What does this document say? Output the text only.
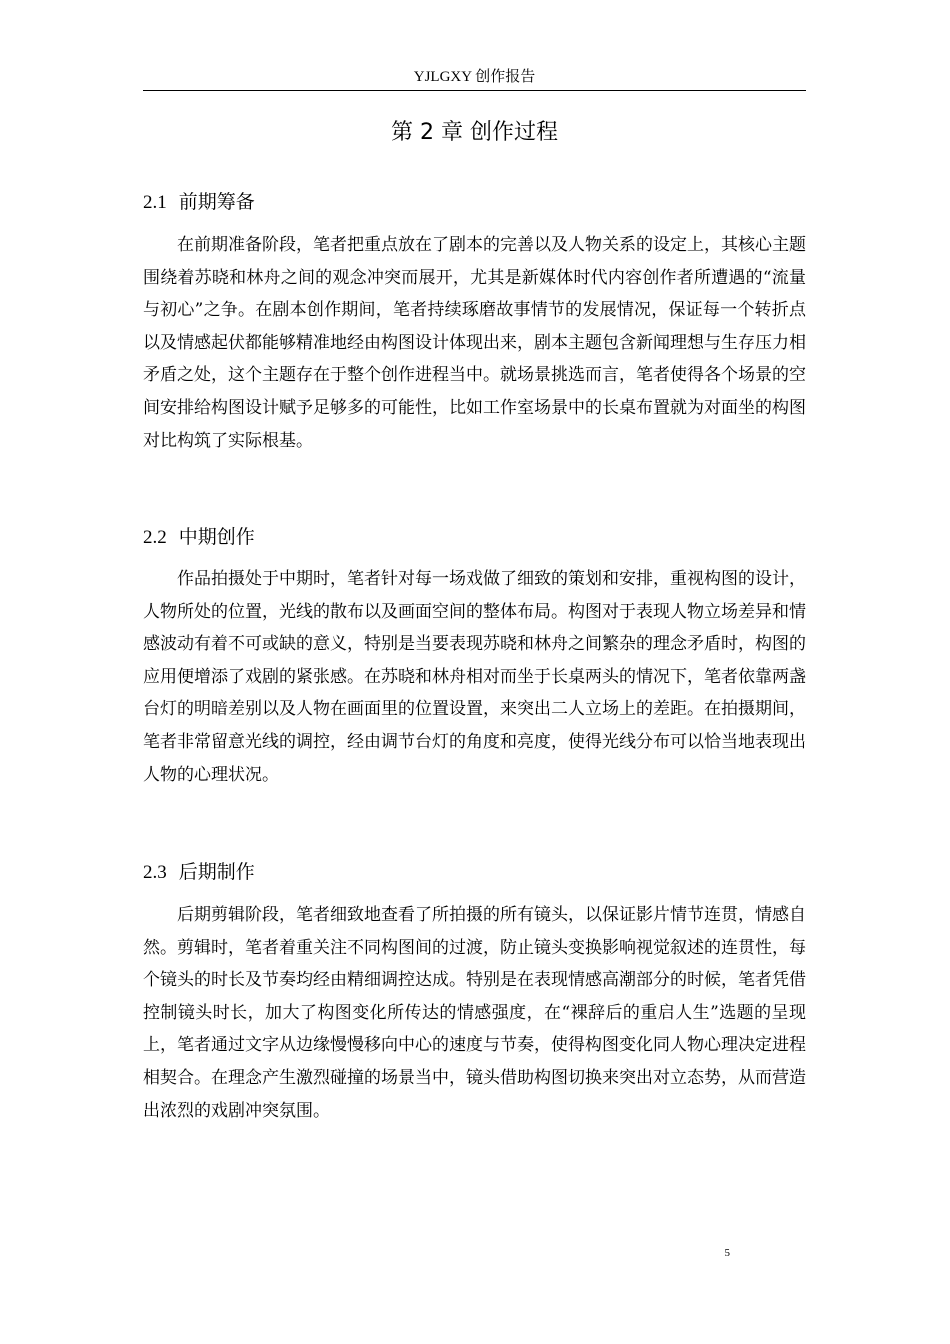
YJLGXY 创作报告
第 2 章 创作过程
2.1 前期筹备

在前期准备阶段，笔者把重点放在了剧本的完善以及人物关系的设定上，其核心主题围绕着苏晓和林舟之间的观念冲突而展开，尤其是新媒体时代内容创作者所遭遇的“流量与初心”之争。在剧本创作期间，笔者持续琢磨故事情节的发展情况，保证每一个转折点以及情感起伏都能够精准地经由构图设计体现出来，剧本主题包含新闻理想与生存压力相矛盾之处，这个主题存在于整个创作进程当中。就场景挑选而言，笔者使得各个场景的空间安排给构图设计赋予足够多的可能性，比如工作室场景中的长桌布置就为对面坐的构图对比构筑了实际根基。

2.2 中期创作

作品拍摄处于中期时，笔者针对每一场戏做了细致的策划和安排，重视构图的设计，人物所处的位置，光线的散布以及画面空间的整体布局。构图对于表现人物立场差异和情感波动有着不可或缺的意义，特别是当要表现苏晓和林舟之间繁杂的理念矛盾时，构图的应用便增添了戏剧的紧张感。在苏晓和林舟相对而坐于长桌两头的情况下，笔者依靠两盏台灯的明暗差别以及人物在画面里的位置设置，来突出二人立场上的差距。在拍摄期间，笔者非常留意光线的调控，经由调节台灯的角度和亮度，使得光线分布可以恰当地表现出人物的心理状况。

2.3 后期制作

后期剪辑阶段，笔者细致地查看了所拍摄的所有镜头，以保证影片情节连贯，情感自然。剪辑时，笔者着重关注不同构图间的过渡，防止镜头变换影响视觉叙述的连贯性，每个镜头的时长及节奏均经由精细调控达成。特别是在表现情感高潮部分的时候，笔者凭借控制镜头时长，加大了构图变化所传达的情感强度，在“裸辞后的重启人生”选题的呈现上，笔者通过文字从边缘慢慢移向中心的速度与节奏，使得构图变化同人物心理决定进程相契合。在理念产生激烈碰撞的场景当中，镜头借助构图切换来突出对立态势，从而营造出浓烈的戏剧冲突氛围。

5
